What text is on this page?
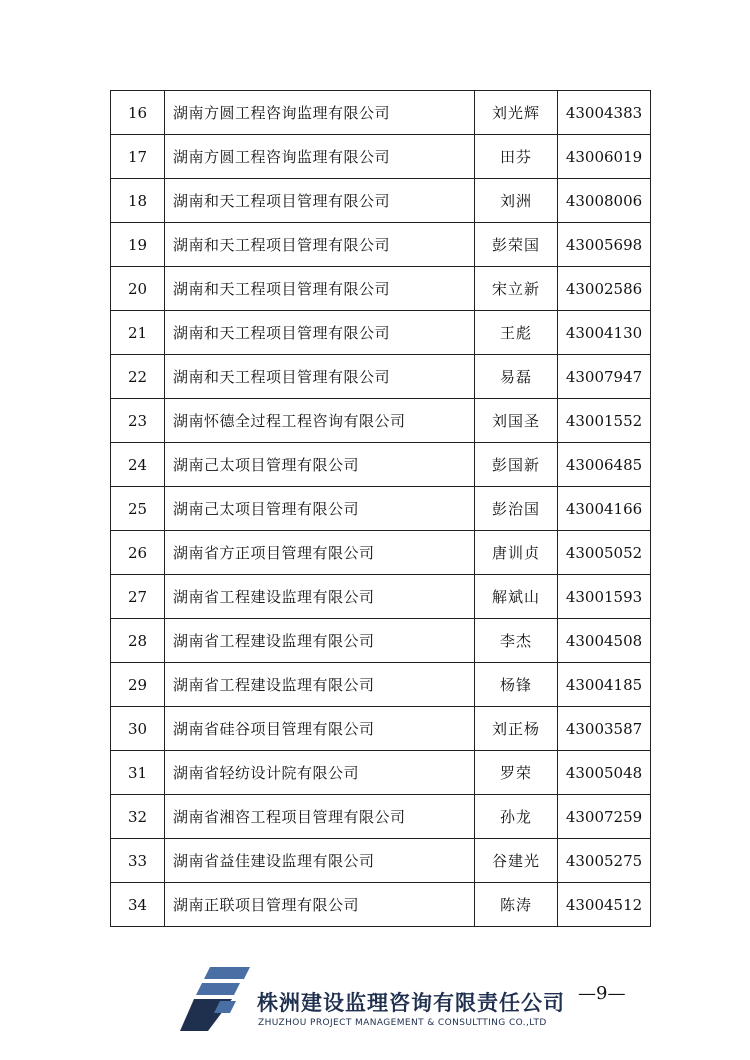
16	湖南方圆工程咨询监理有限公司	刘光辉	43004383
17	湖南方圆工程咨询监理有限公司	田芬	43006019
18	湖南和天工程项目管理有限公司	刘洲	43008006
19	湖南和天工程项目管理有限公司	彭荣国	43005698
20	湖南和天工程项目管理有限公司	宋立新	43002586
21	湖南和天工程项目管理有限公司	王彪	43004130
22	湖南和天工程项目管理有限公司	易磊	43007947
23	湖南怀德全过程工程咨询有限公司	刘国圣	43001552
24	湖南己太项目管理有限公司	彭国新	43006485
25	湖南己太项目管理有限公司	彭治国	43004166
26	湖南省方正项目管理有限公司	唐训贞	43005052
27	湖南省工程建设监理有限公司	解斌山	43001593
28	湖南省工程建设监理有限公司	李杰	43004508
29	湖南省工程建设监理有限公司	杨锋	43004185
30	湖南省硅谷项目管理有限公司	刘正杨	43003587
31	湖南省轻纺设计院有限公司	罗荣	43005048
32	湖南省湘咨工程项目管理有限公司	孙龙	43007259
33	湖南省益佳建设监理有限公司	谷建光	43005275
34	湖南正联项目管理有限公司	陈涛	43004512
株洲建设监理咨询有限责任公司
ZHUZHOU PROJECT MANAGEMENT & CONSULTTING CO.,LTD
—9—
